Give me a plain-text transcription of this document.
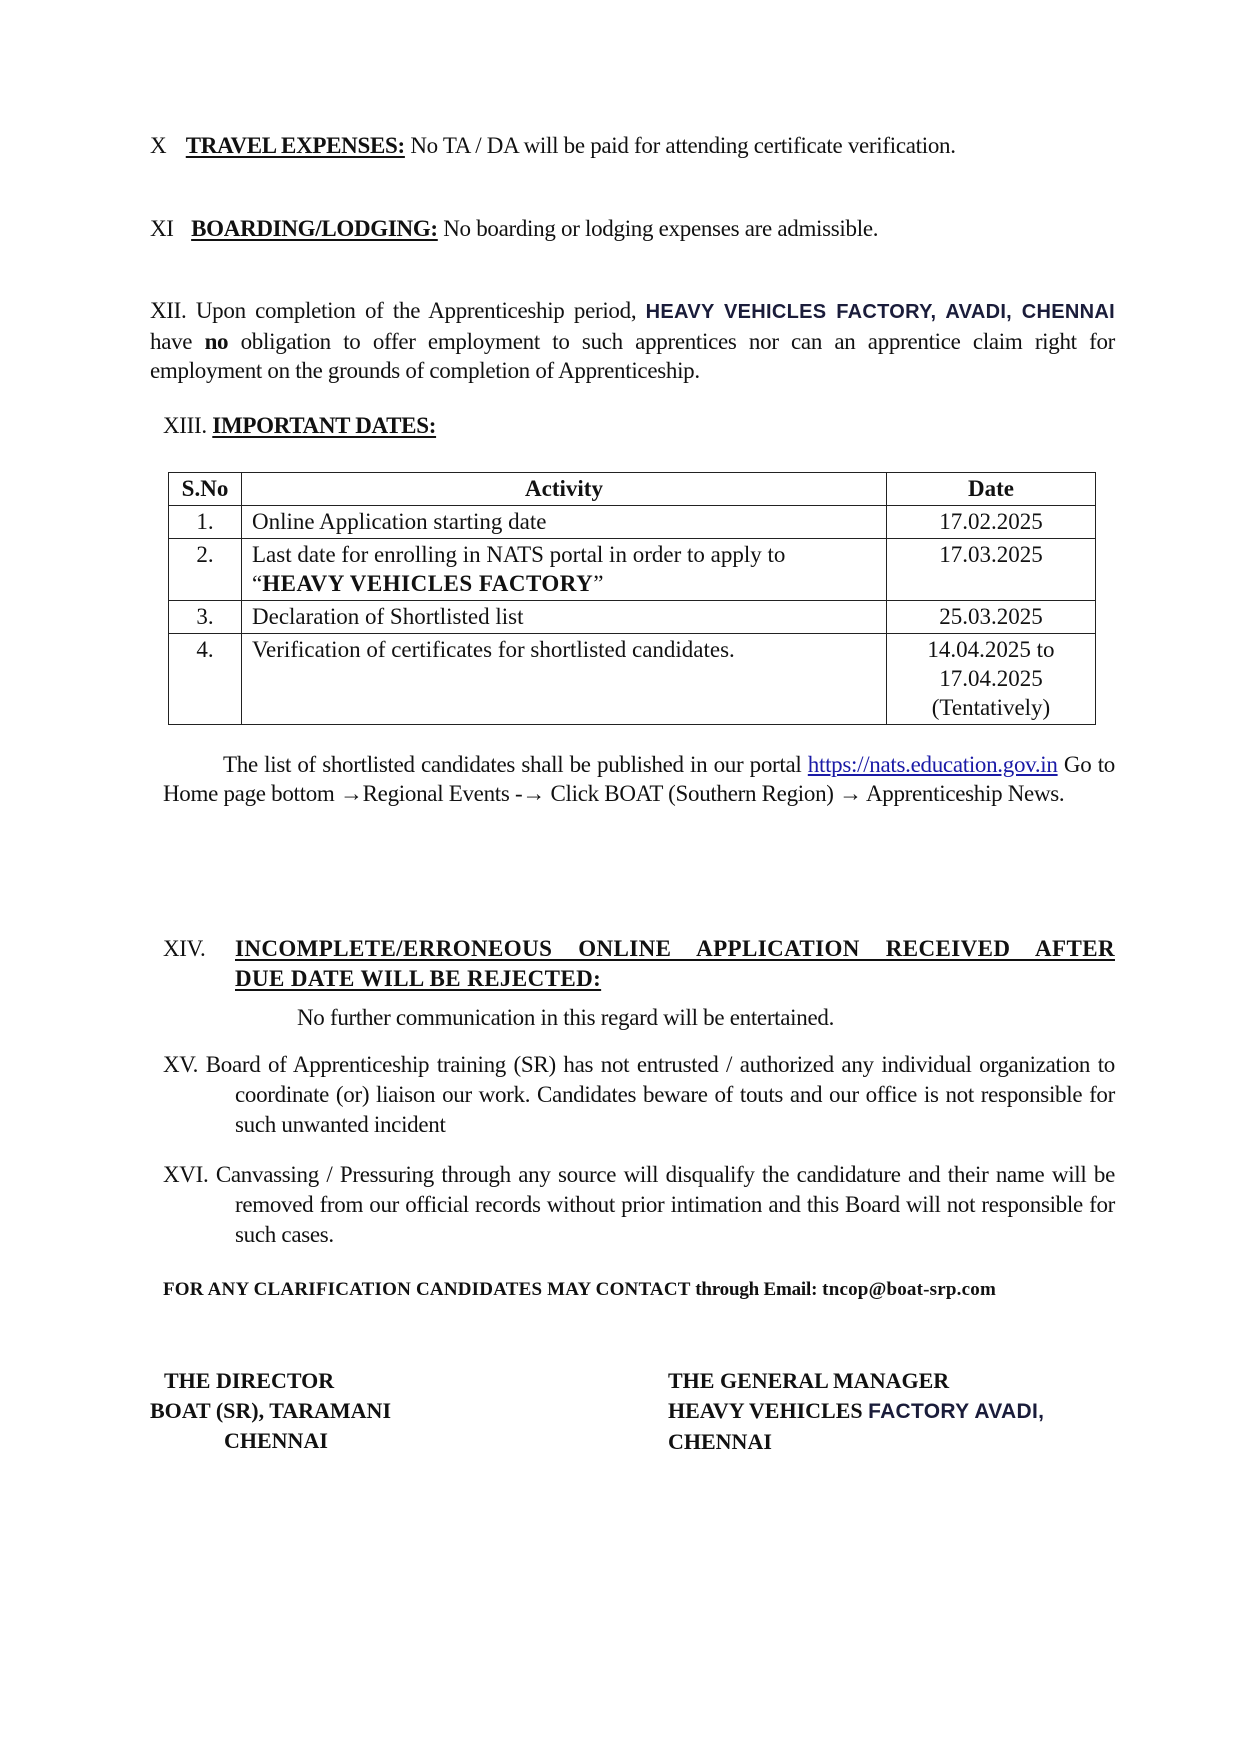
X TRAVEL EXPENSES: No TA / DA will be paid for attending certificate verification.
XI BOARDING/LODGING: No boarding or lodging expenses are admissible.
XII. Upon completion of the Apprenticeship period, HEAVY VEHICLES FACTORY, AVADI, CHENNAI have no obligation to offer employment to such apprentices nor can an apprentice claim right for employment on the grounds of completion of Apprenticeship.
XIII. IMPORTANT DATES:
S.No	Activity	Date
1.	Online Application starting date	17.02.2025
2.	Last date for enrolling in NATS portal in order to apply to
“HEAVY VEHICLES FACTORY”	17.03.2025
3.	Declaration of Shortlisted list	25.03.2025
4.	Verification of certificates for shortlisted candidates.	14.04.2025 to
17.04.2025
(Tentatively)
The list of shortlisted candidates shall be published in our portal https://nats.education.gov.in Go to Home page bottom →Regional Events -→ Click BOAT (Southern Region) → Apprenticeship News.
XIV. INCOMPLETE/ERRONEOUS ONLINE APPLICATION RECEIVED AFTER
DUE DATE WILL BE REJECTED:
No further communication in this regard will be entertained.
XV. Board of Apprenticeship training (SR) has not entrusted / authorized any individual organization to coordinate (or) liaison our work. Candidates beware of touts and our office is not responsible for such unwanted incident
XVI. Canvassing / Pressuring through any source will disqualify the candidature and their name will be removed from our official records without prior intimation and this Board will not responsible for such cases.
FOR ANY CLARIFICATION CANDIDATES MAY CONTACT through Email: tncop@boat-srp.com
THE DIRECTOR
BOAT (SR), TARAMANI
CHENNAI
THE GENERAL MANAGER
HEAVY VEHICLES FACTORY AVADI,
CHENNAI
